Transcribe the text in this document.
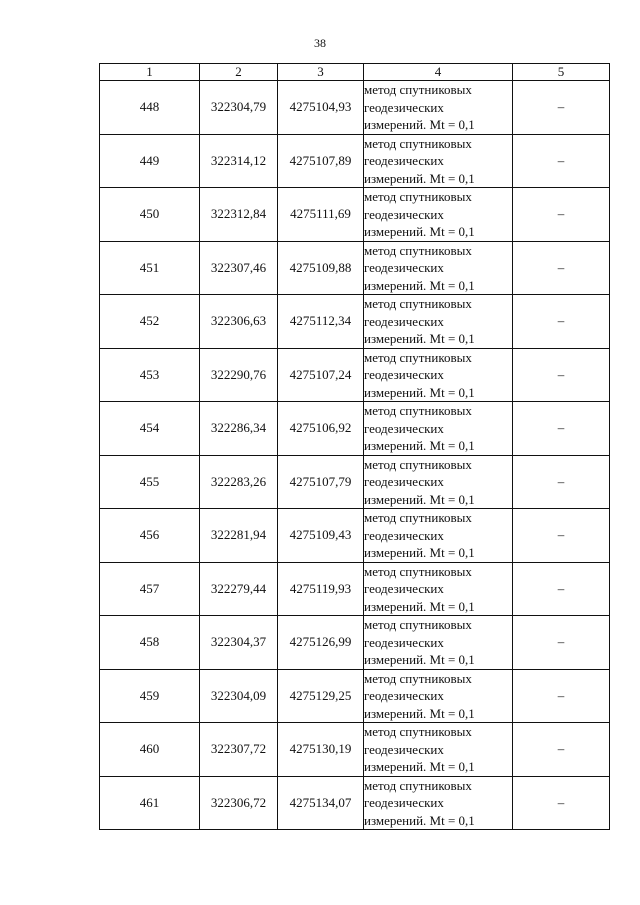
38
1	2	3	4	5
448	322304,79	4275104,93	метод спутниковых
геодезических
измерений. Mt = 0,1	–
449	322314,12	4275107,89	метод спутниковых
геодезических
измерений. Mt = 0,1	–
450	322312,84	4275111,69	метод спутниковых
геодезических
измерений. Mt = 0,1	–
451	322307,46	4275109,88	метод спутниковых
геодезических
измерений. Mt = 0,1	–
452	322306,63	4275112,34	метод спутниковых
геодезических
измерений. Mt = 0,1	–
453	322290,76	4275107,24	метод спутниковых
геодезических
измерений. Mt = 0,1	–
454	322286,34	4275106,92	метод спутниковых
геодезических
измерений. Mt = 0,1	–
455	322283,26	4275107,79	метод спутниковых
геодезических
измерений. Mt = 0,1	–
456	322281,94	4275109,43	метод спутниковых
геодезических
измерений. Mt = 0,1	–
457	322279,44	4275119,93	метод спутниковых
геодезических
измерений. Mt = 0,1	–
458	322304,37	4275126,99	метод спутниковых
геодезических
измерений. Mt = 0,1	–
459	322304,09	4275129,25	метод спутниковых
геодезических
измерений. Mt = 0,1	–
460	322307,72	4275130,19	метод спутниковых
геодезических
измерений. Mt = 0,1	–
461	322306,72	4275134,07	метод спутниковых
геодезических
измерений. Mt = 0,1	–
